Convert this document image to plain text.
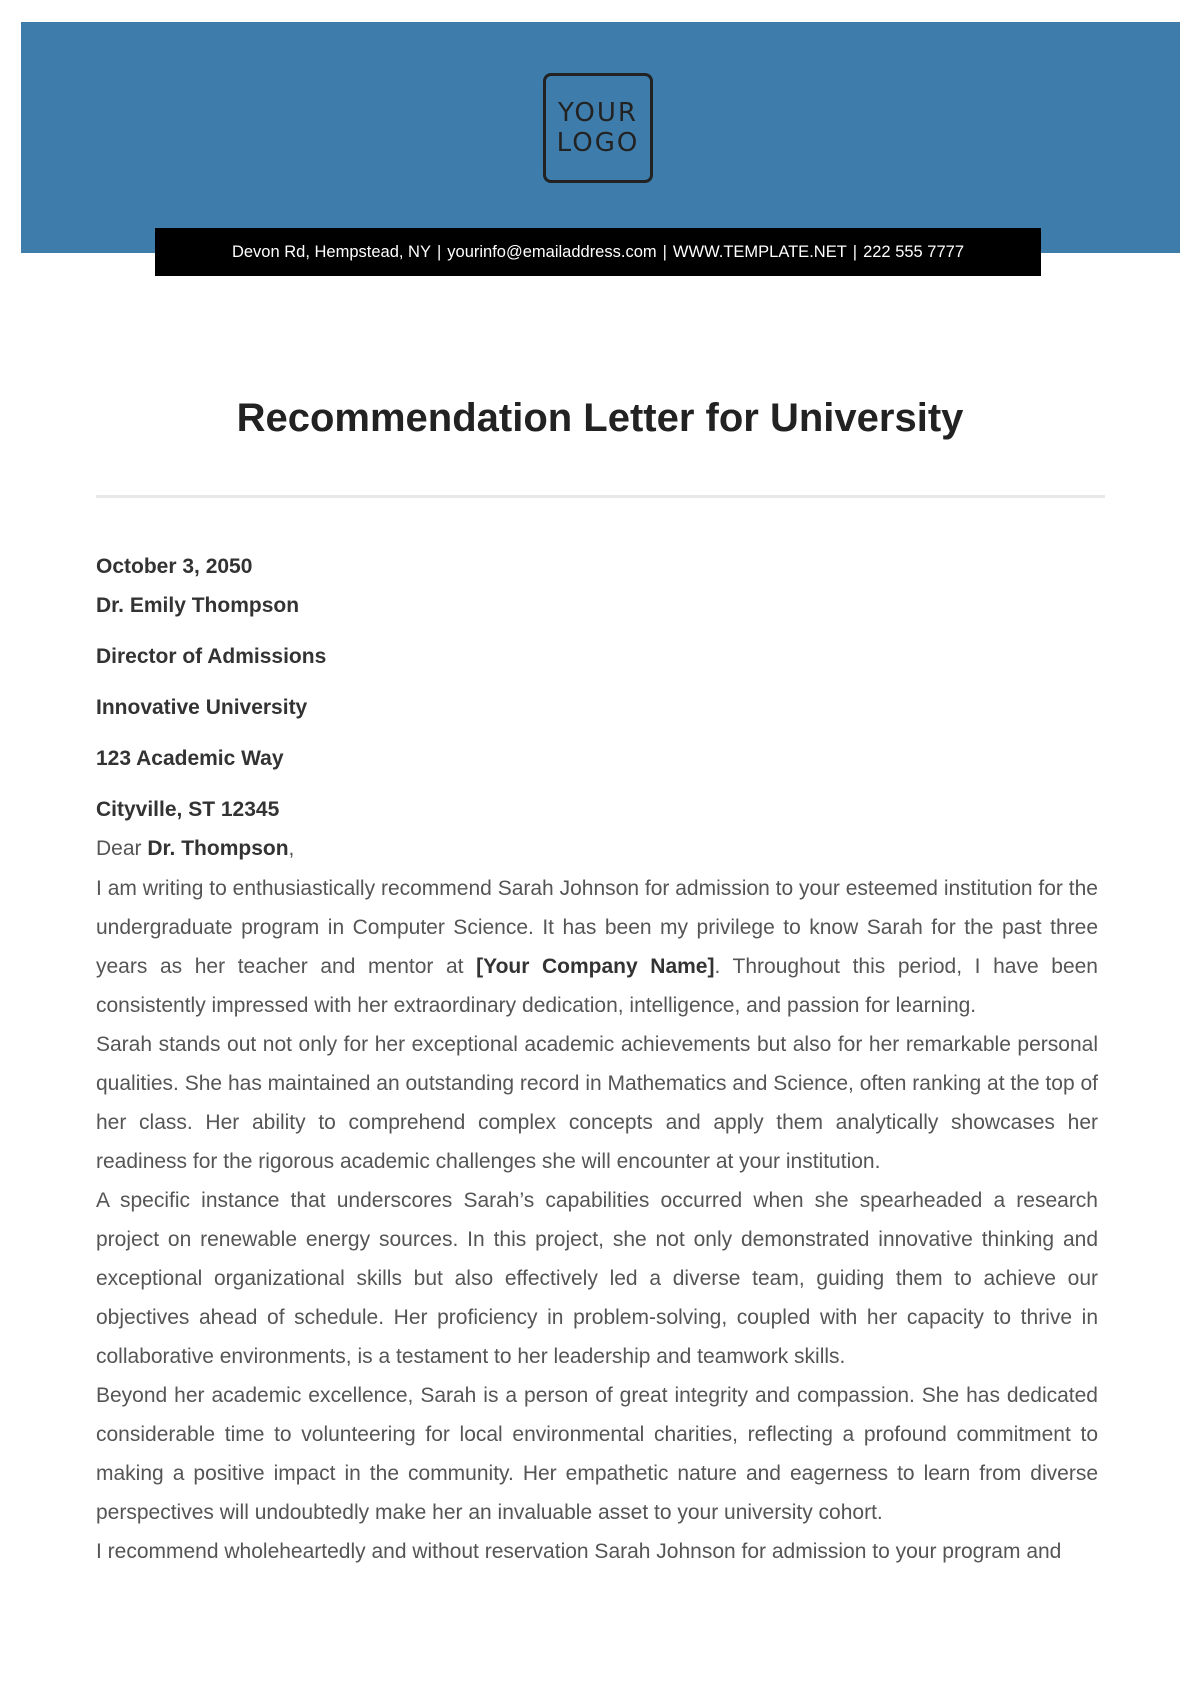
YOUR
LOGO
Devon Rd, Hempstead, NY | yourinfo@emailaddress.com | WWW.TEMPLATE.NET | 222 555 7777
Recommendation Letter for University
October 3, 2050
Dr. Emily Thompson
Director of Admissions
Innovative University
123 Academic Way
Cityville, ST 12345
Dear Dr. Thompson,

I am writing to enthusiastically recommend Sarah Johnson for admission to your esteemed institution for the undergraduate program in Computer Science. It has been my privilege to know Sarah for the past three years as her teacher and mentor at [Your Company Name]. Throughout this period, I have been consistently impressed with her extraordinary dedication, intelligence, and passion for learning.

Sarah stands out not only for her exceptional academic achievements but also for her remarkable personal qualities. She has maintained an outstanding record in Mathematics and Science, often ranking at the top of her class. Her ability to comprehend complex concepts and apply them analytically showcases her readiness for the rigorous academic challenges she will encounter at your institution.

A specific instance that underscores Sarah’s capabilities occurred when she spearheaded a research project on renewable energy sources. In this project, she not only demonstrated innovative thinking and exceptional organizational skills but also effectively led a diverse team, guiding them to achieve our objectives ahead of schedule. Her proficiency in problem-solving, coupled with her capacity to thrive in collaborative environments, is a testament to her leadership and teamwork skills.

Beyond her academic excellence, Sarah is a person of great integrity and compassion. She has dedicated considerable time to volunteering for local environmental charities, reflecting a profound commitment to making a positive impact in the community. Her empathetic nature and eagerness to learn from diverse perspectives will undoubtedly make her an invaluable asset to your university cohort.

I recommend wholeheartedly and without reservation Sarah Johnson for admission to your program and
